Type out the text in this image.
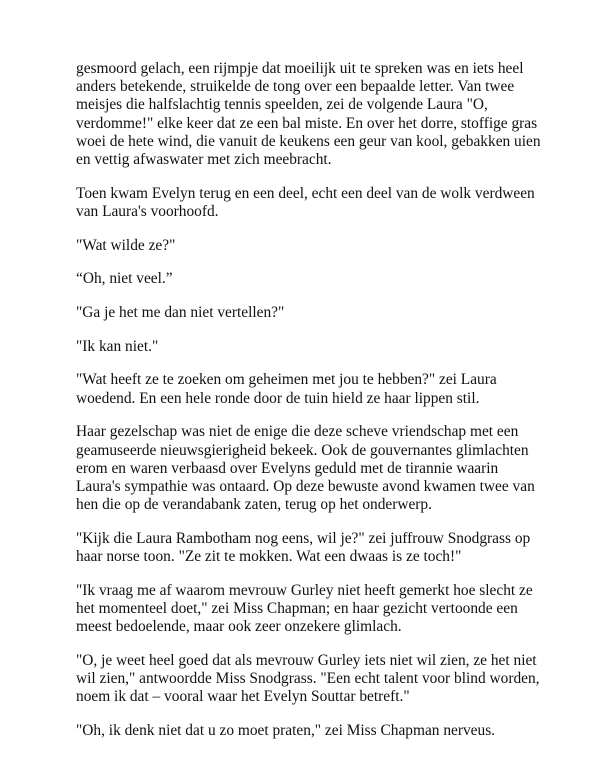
gesmoord gelach, een rijmpje dat moeilijk uit te spreken was en iets heel anders betekende, struikelde de tong over een bepaalde letter. Van twee meisjes die halfslachtig tennis speelden, zei de volgende Laura "O, verdomme!" elke keer dat ze een bal miste. En over het dorre, stoffige gras woei de hete wind, die vanuit de keukens een geur van kool, gebakken uien en vettig afwaswater met zich meebracht.

Toen kwam Evelyn terug en een deel, echt een deel van de wolk verdween van Laura's voorhoofd.

"Wat wilde ze?"

“Oh, niet veel.”

"Ga je het me dan niet vertellen?"

"Ik kan niet."

"Wat heeft ze te zoeken om geheimen met jou te hebben?" zei Laura woedend. En een hele ronde door de tuin hield ze haar lippen stil.

Haar gezelschap was niet de enige die deze scheve vriendschap met een geamuseerde nieuwsgierigheid bekeek. Ook de gouvernantes glimlachten erom en waren verbaasd over Evelyns geduld met de tirannie waarin Laura's sympathie was ontaard. Op deze bewuste avond kwamen twee van hen die op de verandabank zaten, terug op het onderwerp.

"Kijk die Laura Rambotham nog eens, wil je?" zei juffrouw Snodgrass op haar norse toon. "Ze zit te mokken. Wat een dwaas is ze toch!"

"Ik vraag me af waarom mevrouw Gurley niet heeft gemerkt hoe slecht ze het momenteel doet," zei Miss Chapman; en haar gezicht vertoonde een meest bedoelende, maar ook zeer onzekere glimlach.

"O, je weet heel goed dat als mevrouw Gurley iets niet wil zien, ze het niet wil zien," antwoordde Miss Snodgrass. "Een echt talent voor blind worden, noem ik dat – vooral waar het Evelyn Souttar betreft."

"Oh, ik denk niet dat u zo moet praten," zei Miss Chapman nerveus.
